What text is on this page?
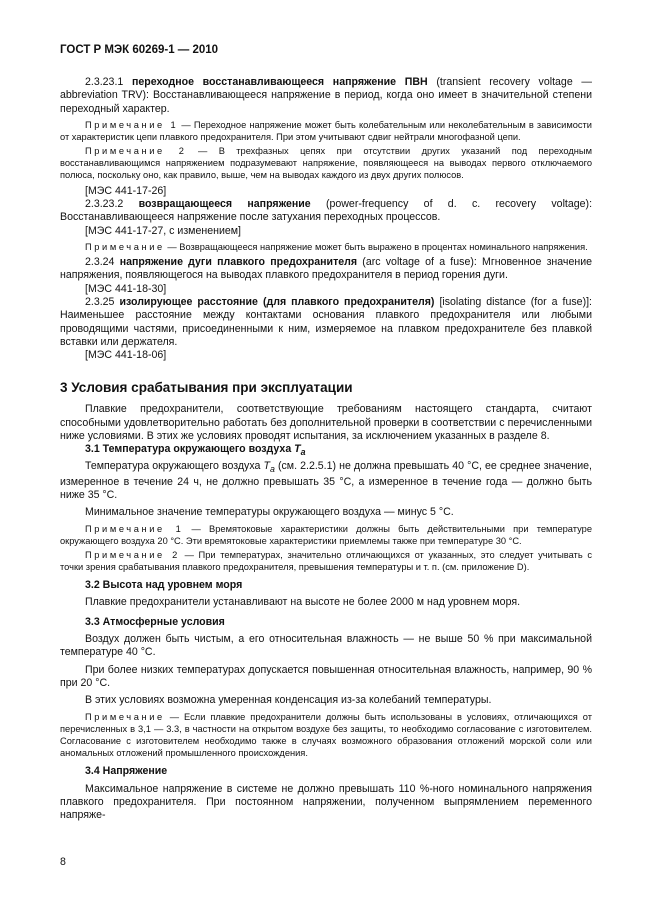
ГОСТ Р МЭК 60269-1 — 2010

2.3.23.1 переходное восстанавливающееся напряжение ПВН (transient recovery voltage — abbreviation TRV): Восстанавливающееся напряжение в период, когда оно имеет в значительной степени переходный характер.

Примечание 1 — Переходное напряжение может быть колебательным или неколебательным в зависимости от характеристик цепи плавкого предохранителя. При этом учитывают сдвиг нейтрали многофазной цепи.

Примечание 2 — В трехфазных цепях при отсутствии других указаний под переходным восстанавливающимся напряжением подразумевают напряжение, появляющееся на выводах первого отключаемого полюса, поскольку оно, как правило, выше, чем на выводах каждого из двух других полюсов.

[МЭС 441-17-26]

2.3.23.2 возвращающееся напряжение (power-frequency of d. c. recovery voltage): Восстанавливающееся напряжение после затухания переходных процессов.

[МЭС 441-17-27, с изменением]

Примечание — Возвращающееся напряжение может быть выражено в процентах номинального напряжения.

2.3.24 напряжение дуги плавкого предохранителя (arc voltage of a fuse): Мгновенное значение напряжения, появляющегося на выводах плавкого предохранителя в период горения дуги.

[МЭС 441-18-30]

2.3.25 изолирующее расстояние (для плавкого предохранителя) [isolating distance (for a fuse)]: Наименьшее расстояние между контактами основания плавкого предохранителя или любыми проводящими частями, присоединенными к ним, измеряемое на плавком предохранителе без плавкой вставки или держателя.

[МЭС 441-18-06]

3 Условия срабатывания при эксплуатации

Плавкие предохранители, соответствующие требованиям настоящего стандарта, считают способными удовлетворительно работать без дополнительной проверки в соответствии с перечисленными ниже условиями. В этих же условиях проводят испытания, за исключением указанных в разделе 8.

3.1 Температура окружающего воздуха $T_a$

Температура окружающего воздуха $T_a$ (см. 2.2.5.1) не должна превышать 40 °С, ее среднее значение, измеренное в течение 24 ч, не должно превышать 35 °С, а измеренное в течение года — должно быть ниже 35 °С.

Минимальное значение температуры окружающего воздуха — минус 5 °С.

Примечание 1 — Времятоковые характеристики должны быть действительными при температуре окружающего воздуха 20 °С. Эти времятоковые характеристики приемлемы также при температуре 30 °С.

Примечание 2 — При температурах, значительно отличающихся от указанных, это следует учитывать с точки зрения срабатывания плавкого предохранителя, превышения температуры и т. п. (см. приложение D).

3.2 Высота над уровнем моря

Плавкие предохранители устанавливают на высоте не более 2000 м над уровнем моря.

3.3 Атмосферные условия

Воздух должен быть чистым, а его относительная влажность — не выше 50 % при максимальной температуре 40 °С.

При более низких температурах допускается повышенная относительная влажность, например, 90 % при 20 °С.

В этих условиях возможна умеренная конденсация из-за колебаний температуры.

Примечание — Если плавкие предохранители должны быть использованы в условиях, отличающихся от перечисленных в 3,1 — 3.3, в частности на открытом воздухе без защиты, то необходимо согласование с изготовителем. Согласование с изготовителем необходимо также в случаях возможного образования отложений морской соли или аномальных отложений промышленного происхождения.

3.4 Напряжение

Максимальное напряжение в системе не должно превышать 110 %-ного номинального напряжения плавкого предохранителя. При постоянном напряжении, полученном выпрямлением переменного напряже-

8
